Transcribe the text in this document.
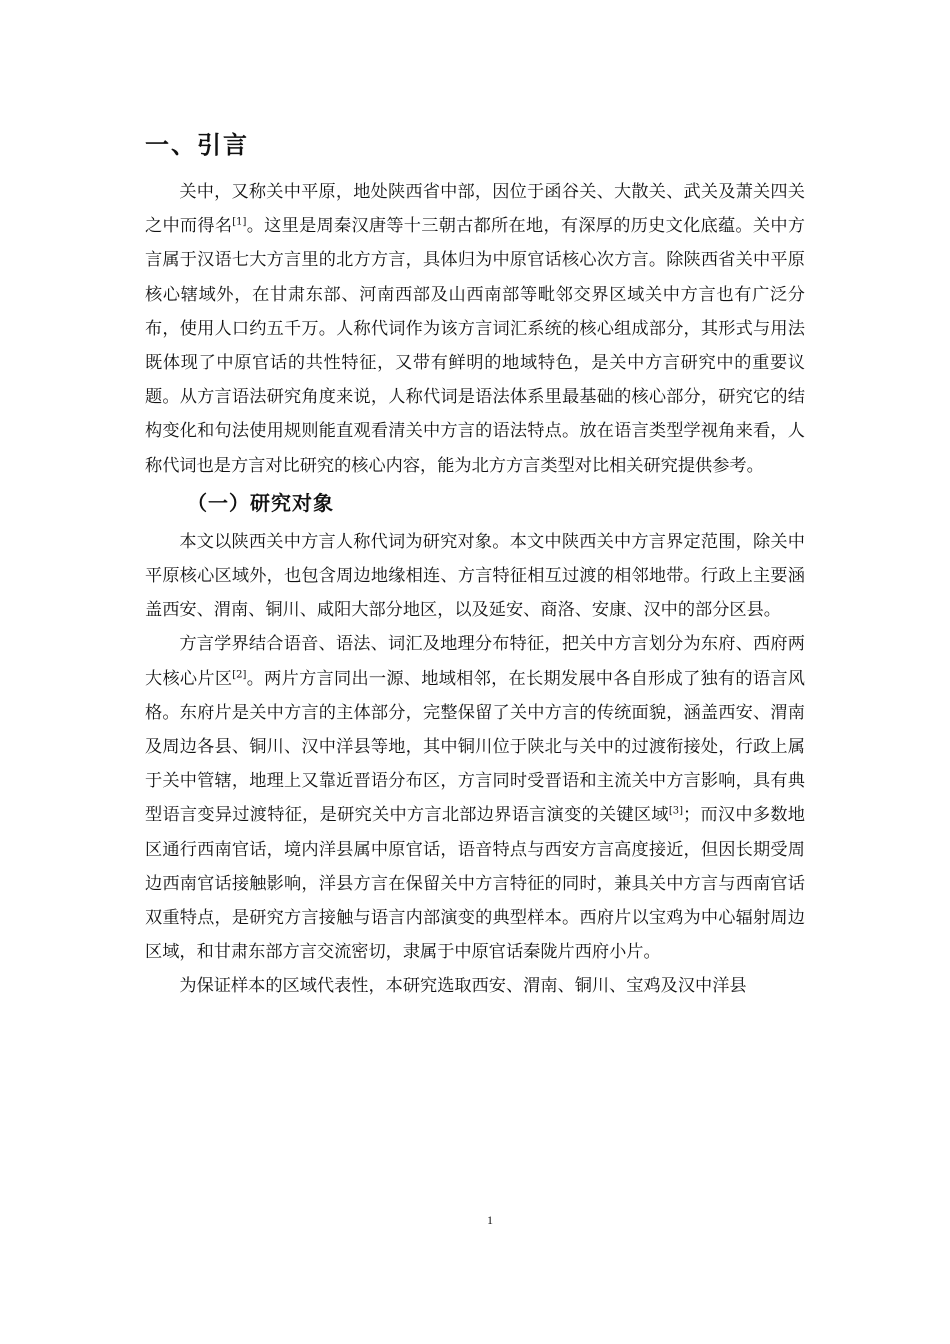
一、引言

关中，又称关中平原，地处陕西省中部，因位于函谷关、大散关、武关及萧关四关之中而得名[1]。这里是周秦汉唐等十三朝古都所在地，有深厚的历史文化底蕴。关中方言属于汉语七大方言里的北方方言，具体归为中原官话核心次方言。除陕西省关中平原核心辖域外，在甘肃东部、河南西部及山西南部等毗邻交界区域关中方言也有广泛分布，使用人口约五千万。人称代词作为该方言词汇系统的核心组成部分，其形式与用法既体现了中原官话的共性特征，又带有鲜明的地域特色，是关中方言研究中的重要议题。从方言语法研究角度来说，人称代词是语法体系里最基础的核心部分，研究它的结构变化和句法使用规则能直观看清关中方言的语法特点。放在语言类型学视角来看，人称代词也是方言对比研究的核心内容，能为北方方言类型对比相关研究提供参考。

（一）研究对象

本文以陕西关中方言人称代词为研究对象。本文中陕西关中方言界定范围，除关中平原核心区域外，也包含周边地缘相连、方言特征相互过渡的相邻地带。行政上主要涵盖西安、渭南、铜川、咸阳大部分地区，以及延安、商洛、安康、汉中的部分区县。

方言学界结合语音、语法、词汇及地理分布特征，把关中方言划分为东府、西府两大核心片区[2]。两片方言同出一源、地域相邻，在长期发展中各自形成了独有的语言风格。东府片是关中方言的主体部分，完整保留了关中方言的传统面貌，涵盖西安、渭南及周边各县、铜川、汉中洋县等地，其中铜川位于陕北与关中的过渡衔接处，行政上属于关中管辖，地理上又靠近晋语分布区，方言同时受晋语和主流关中方言影响，具有典型语言变异过渡特征，是研究关中方言北部边界语言演变的关键区域[3]；而汉中多数地区通行西南官话，境内洋县属中原官话，语音特点与西安方言高度接近，但因长期受周边西南官话接触影响，洋县方言在保留关中方言特征的同时，兼具关中方言与西南官话双重特点，是研究方言接触与语言内部演变的典型样本。西府片以宝鸡为中心辐射周边区域，和甘肃东部方言交流密切，隶属于中原官话秦陇片西府小片。

为保证样本的区域代表性，本研究选取西安、渭南、铜川、宝鸡及汉中洋县

1
